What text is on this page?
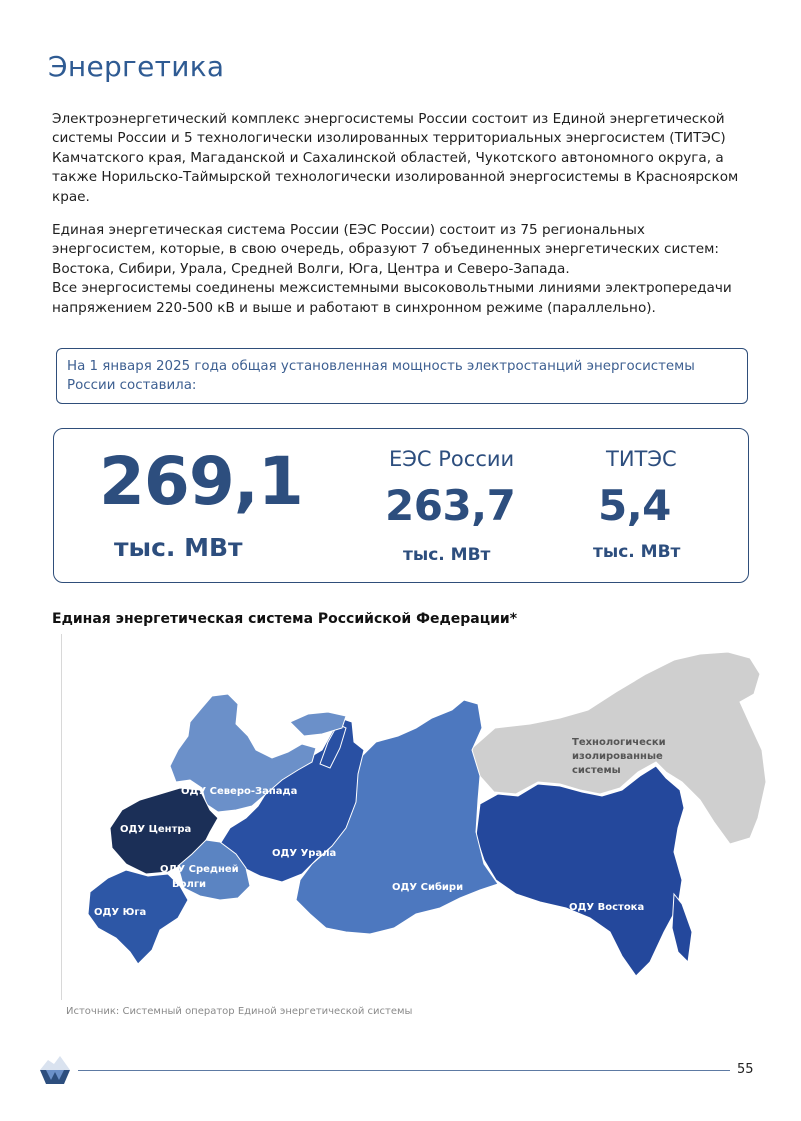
Энергетика
Электроэнергетический комплекс энергосистемы России состоит из Единой энергетической системы России и 5 технологически изолированных территориальных энергосистем (ТИТЭС) Камчатского края, Магаданской и Сахалинской областей, Чукотского автономного округа, а также Норильско-Таймырской технологически изолированной энергосистемы в Красноярском крае.
Единая энергетическая система России (ЕЭС России) состоит из 75 региональных энергосистем, которые, в свою очередь, образуют 7 объединенных энергетических систем: Востока, Сибири, Урала, Средней Волги, Юга, Центра и Северо-Запада.
Все энергосистемы соединены межсистемными высоковольтными линиями электропередачи напряжением 220-500 кВ и выше и работают в синхронном режиме (параллельно).
На 1 января 2025 года общая установленная мощность электростанций энергосистемы России составила:
269,1
тыс. МВт
ЕЭС России
263,7
тыс. МВт
ТИТЭС
5,4
тыс. МВт
Единая энергетическая система Российской Федерации*
ОДУ Северо-Запада
ОДУ Центра
ОДУ Средней
Волги
ОДУ Юга
ОДУ Урала
ОДУ Сибири
ОДУ Востока
Технологически
изолированные
системы
Источник: Системный оператор Единой энергетической системы
55
